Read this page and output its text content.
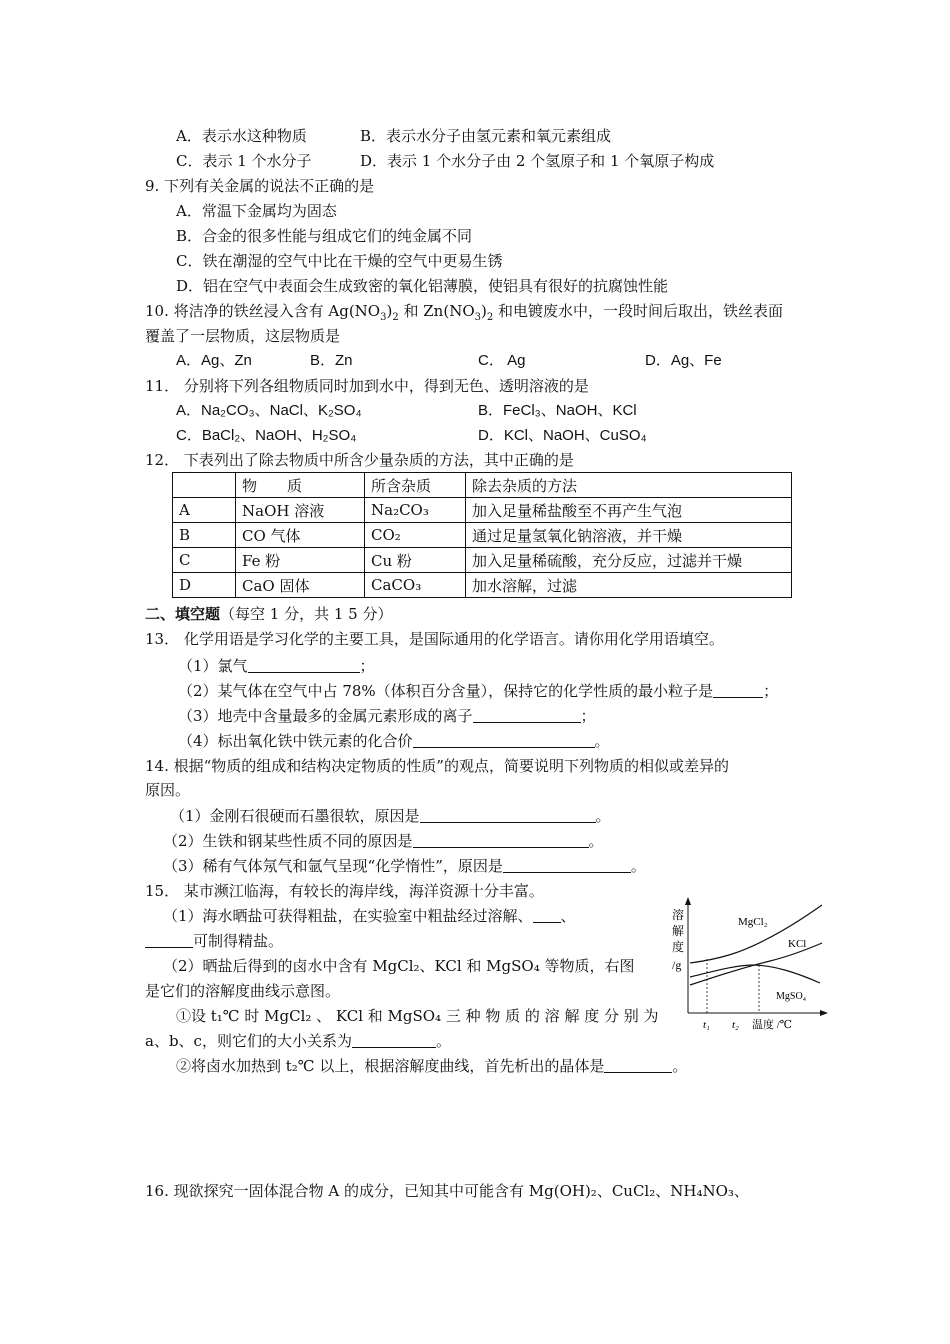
A．表示水这种物质	B．表示水分子由氢元素和氧元素组成
C．表示 1 个水分子	D．表示 1 个水分子由 2 个氢原子和 1 个氧原子构成
9. 下列有关金属的说法不正确的是
A．常温下金属均为固态
B．合金的很多性能与组成它们的纯金属不同
C．铁在潮湿的空气中比在干燥的空气中更易生锈
D．铝在空气中表面会生成致密的氧化铝薄膜，使铝具有很好的抗腐蚀性能
10. 将洁净的铁丝浸入含有 $Ag(NO_3)_2$ 和 $Zn(NO_3)_2$ 和电镀废水中，一段时间后取出，铁丝表面
覆盖了一层物质，这层物质是
A．Ag、Zn	B．Zn	C． Ag	D．Ag、Fe
11． 分别将下列各组物质同时加到水中，得到无色、透明溶液的是
A．Na₂CO₃、NaCl、K₂SO₄	B．FeCl₃、NaOH、KCl
C．BaCl₂、NaOH、H₂SO₄	D．KCl、NaOH、CuSO₄
12． 下表列出了除去物质中所含少量杂质的方法，其中正确的是
	物　　质	所含杂质	除去杂质的方法
A	NaOH 溶液	Na₂CO₃	加入足量稀盐酸至不再产生气泡
B	CO 气体	CO₂	通过足量氢氧化钠溶液，并干燥
C	Fe 粉	Cu 粉	加入足量稀硫酸，充分反应，过滤并干燥
D	CaO 固体	CaCO₃	加水溶解，过滤
二、填空题（每空 1 分，共 1 5 分）
13． 化学用语是学习化学的主要工具，是国际通用的化学语言。请你用化学用语填空。
（1）氯气	；
（2）某气体在空气中占 78%（体积百分含量），保持它的化学性质的最小粒子是	；
（3）地壳中含量最多的金属元素形成的离子	；
（4）标出氧化铁中铁元素的化合价	。
14. 根据“物质的组成和结构决定物质的性质”的观点，简要说明下列物质的相似或差异的
原因。
（1）金刚石很硬而石墨很软，原因是	。
（2）生铁和钢某些性质不同的原因是	。
（3）稀有气体氖气和氩气呈现“化学惰性”，原因是	。
15． 某市濒江临海，有较长的海岸线，海洋资源十分丰富。
（1）海水晒盐可获得粗盐，在实验室中粗盐经过溶解、 、
可制得精盐。
（2）晒盐后得到的卤水中含有 MgCl₂、KCl 和 MgSO₄ 等物质，右图
是它们的溶解度曲线示意图。
①设 t₁℃ 时 MgCl₂ 、 KCl 和 MgSO₄ 三 种 物 质 的 溶 解 度 分 别 为
a、b、c，则它们的大小关系为	。
②将卤水加热到 t₂℃ 以上，根据溶解度曲线，首先析出的晶体是	。
溶
解
度
/g
MgCl₂
KCl
MgSO₄
t₁ t₂ 温度 /℃
16. 现欲探究一固体混合物 A 的成分，已知其中可能含有 Mg(OH)₂、CuCl₂、NH₄NO₃、
